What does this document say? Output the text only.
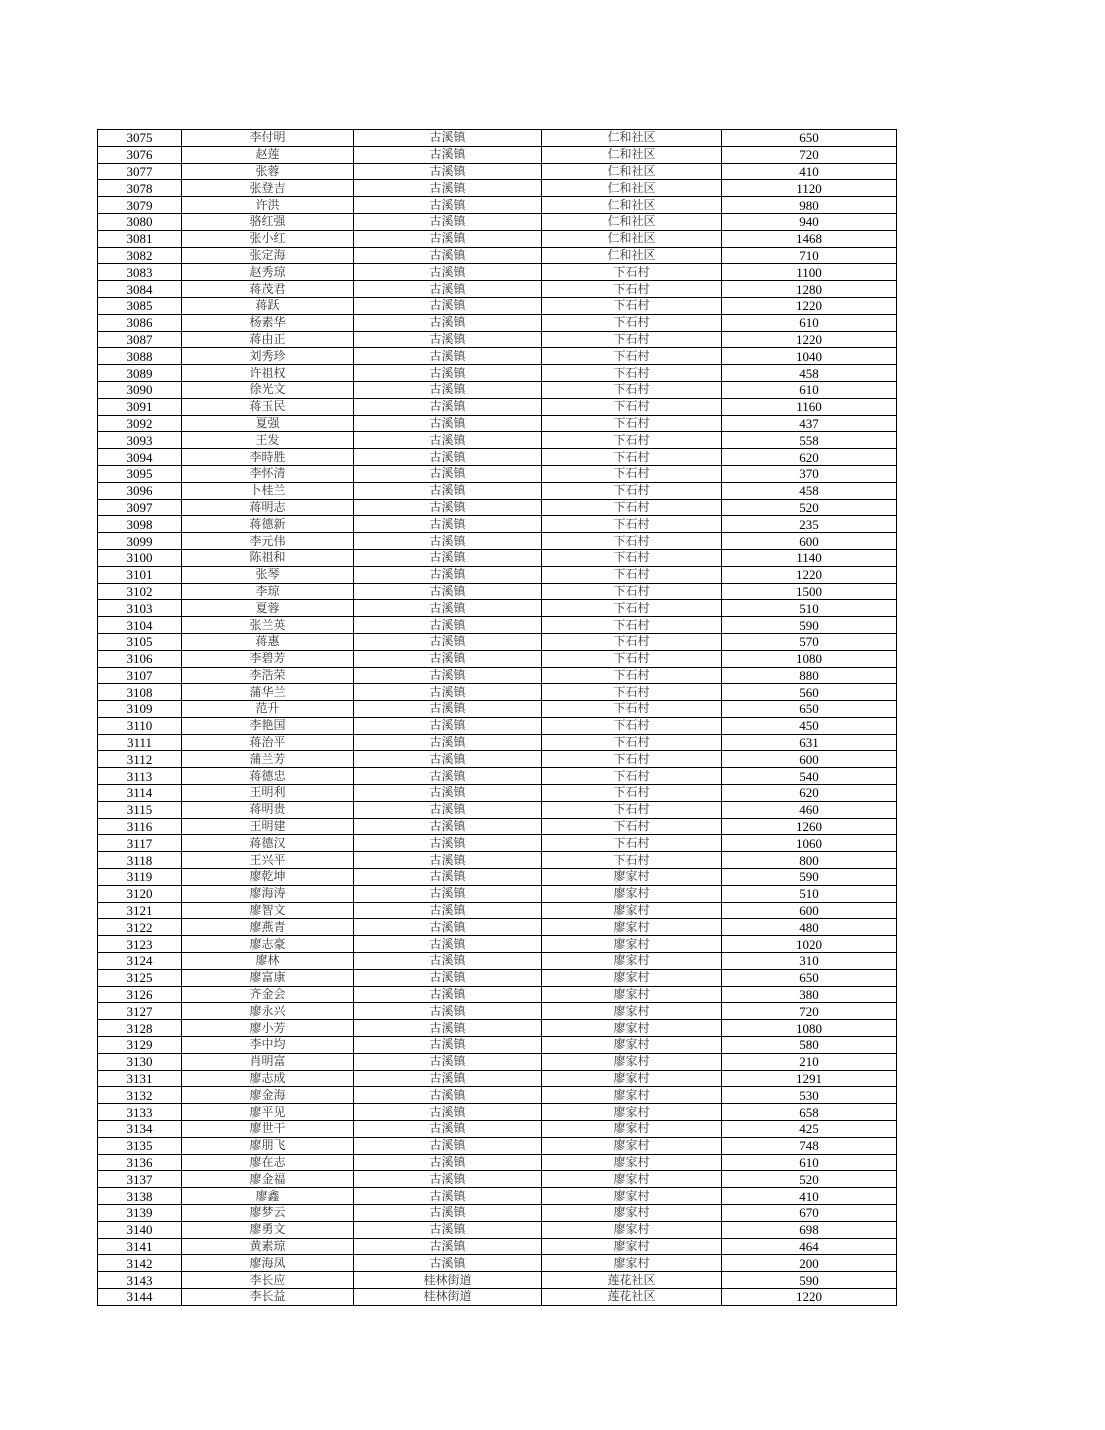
3075	李付明	古溪镇	仁和社区	650
3076	赵莲	古溪镇	仁和社区	720
3077	张蓉	古溪镇	仁和社区	410
3078	张登吉	古溪镇	仁和社区	1120
3079	许洪	古溪镇	仁和社区	980
3080	骆红强	古溪镇	仁和社区	940
3081	张小红	古溪镇	仁和社区	1468
3082	张定海	古溪镇	仁和社区	710
3083	赵秀琼	古溪镇	下石村	1100
3084	蒋茂君	古溪镇	下石村	1280
3085	蒋跃	古溪镇	下石村	1220
3086	杨素华	古溪镇	下石村	610
3087	蒋由正	古溪镇	下石村	1220
3088	刘秀珍	古溪镇	下石村	1040
3089	许祖权	古溪镇	下石村	458
3090	徐光文	古溪镇	下石村	610
3091	蒋玉民	古溪镇	下石村	1160
3092	夏强	古溪镇	下石村	437
3093	王发	古溪镇	下石村	558
3094	李時胜	古溪镇	下石村	620
3095	李怀清	古溪镇	下石村	370
3096	卜桂兰	古溪镇	下石村	458
3097	蒋明志	古溪镇	下石村	520
3098	蒋德新	古溪镇	下石村	235
3099	李元伟	古溪镇	下石村	600
3100	陈祖和	古溪镇	下石村	1140
3101	张琴	古溪镇	下石村	1220
3102	李琼	古溪镇	下石村	1500
3103	夏蓉	古溪镇	下石村	510
3104	张兰英	古溪镇	下石村	590
3105	蒋惠	古溪镇	下石村	570
3106	李碧芳	古溪镇	下石村	1080
3107	李浩荣	古溪镇	下石村	880
3108	蒲华兰	古溪镇	下石村	560
3109	范升	古溪镇	下石村	650
3110	李艳国	古溪镇	下石村	450
3111	蒋治平	古溪镇	下石村	631
3112	蒲兰芳	古溪镇	下石村	600
3113	蒋德忠	古溪镇	下石村	540
3114	王明利	古溪镇	下石村	620
3115	蒋明贵	古溪镇	下石村	460
3116	王明建	古溪镇	下石村	1260
3117	蒋德汉	古溪镇	下石村	1060
3118	王兴平	古溪镇	下石村	800
3119	廖乾坤	古溪镇	廖家村	590
3120	廖海涛	古溪镇	廖家村	510
3121	廖智文	古溪镇	廖家村	600
3122	廖燕青	古溪镇	廖家村	480
3123	廖志豪	古溪镇	廖家村	1020
3124	廖林	古溪镇	廖家村	310
3125	廖富康	古溪镇	廖家村	650
3126	齐金会	古溪镇	廖家村	380
3127	廖永兴	古溪镇	廖家村	720
3128	廖小芳	古溪镇	廖家村	1080
3129	李中均	古溪镇	廖家村	580
3130	肖明富	古溪镇	廖家村	210
3131	廖志成	古溪镇	廖家村	1291
3132	廖金海	古溪镇	廖家村	530
3133	廖平见	古溪镇	廖家村	658
3134	廖世干	古溪镇	廖家村	425
3135	廖朋飞	古溪镇	廖家村	748
3136	廖在志	古溪镇	廖家村	610
3137	廖金福	古溪镇	廖家村	520
3138	廖鑫	古溪镇	廖家村	410
3139	廖梦云	古溪镇	廖家村	670
3140	廖勇文	古溪镇	廖家村	698
3141	黄素琼	古溪镇	廖家村	464
3142	廖海凤	古溪镇	廖家村	200
3143	李长应	桂林街道	莲花社区	590
3144	李长益	桂林街道	莲花社区	1220
